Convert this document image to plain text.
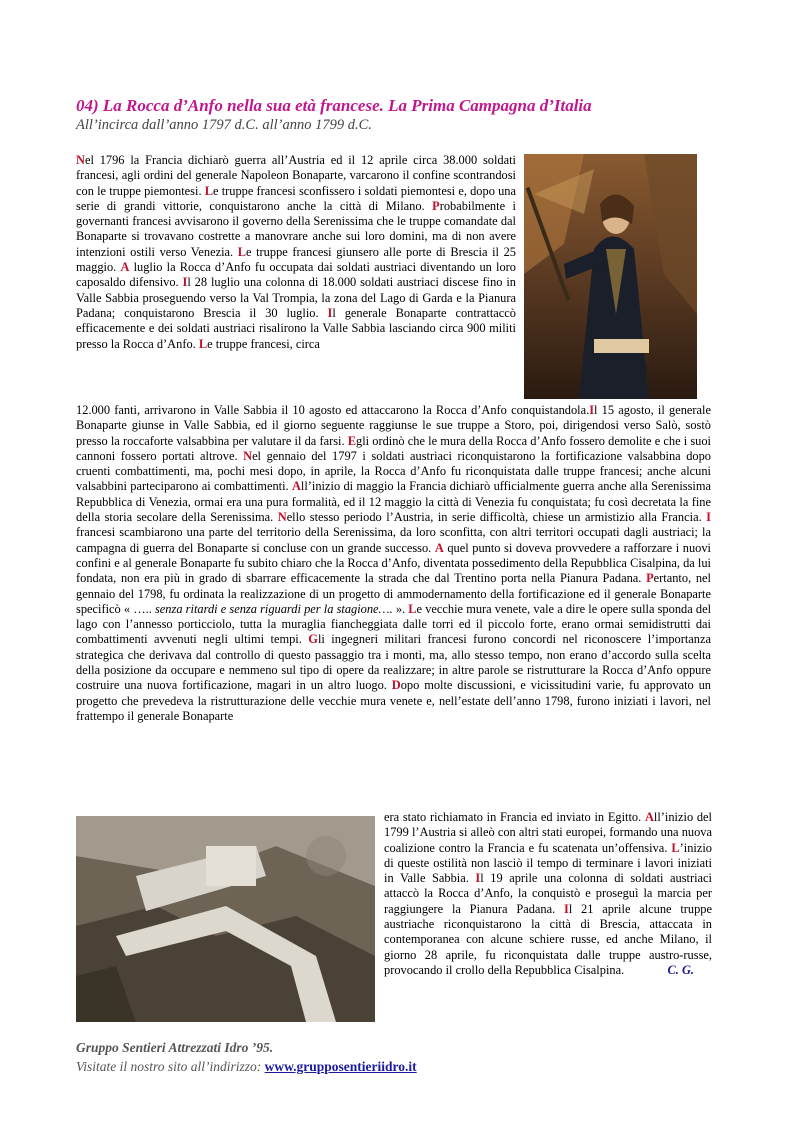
04) La Rocca d’Anfo nella sua età francese. La Prima Campagna d’Italia
All’incirca dall’anno 1797 d.C. all’anno 1799 d.C.

Nel 1796 la Francia dichiarò guerra all’Austria ed il 12 aprile circa 38.000 soldati francesi, agli ordini del generale Napoleon Bonaparte, varcarono il confine scontrandosi con le truppe piemontesi. Le truppe francesi sconfissero i soldati piemontesi e, dopo una serie di grandi vittorie, conquistarono anche la città di Milano. Probabilmente i governanti francesi avvisarono il governo della Serenissima che le truppe comandate dal Bonaparte si trovavano costrette a manovrare anche sui loro domini, ma di non avere intenzioni ostili verso Venezia. Le truppe francesi giunsero alle porte di Brescia il 25 maggio. A luglio la Rocca d’Anfo fu occupata dai soldati austriaci diventando un loro caposaldo difensivo. Il 28 luglio una colonna di 18.000 soldati austriaci discese fino in Valle Sabbia proseguendo verso la Val Trompia, la zona del Lago di Garda e la Pianura Padana; conquistarono Brescia il 30 luglio. Il generale Bonaparte contrattaccò efficacemente e dei soldati austriaci risalirono la Valle Sabbia lasciando circa 900 militi presso la Rocca d’Anfo. Le truppe francesi, circa

12.000 fanti, arrivarono in Valle Sabbia il 10 agosto ed attaccarono la Rocca d’Anfo conquistandola.Il 15 agosto, il generale Bonaparte giunse in Valle Sabbia, ed il giorno seguente raggiunse le sue truppe a Storo, poi, dirigendosi verso Salò, sostò presso la roccaforte valsabbina per valutare il da farsi. Egli ordinò che le mura della Rocca d’Anfo fossero demolite e che i suoi cannoni fossero portati altrove. Nel gennaio del 1797 i soldati austriaci riconquistarono la fortificazione valsabbina dopo cruenti combattimenti, ma, pochi mesi dopo, in aprile, la Rocca d’Anfo fu riconquistata dalle truppe francesi; anche alcuni valsabbini parteciparono ai combattimenti. All’inizio di maggio la Francia dichiarò ufficialmente guerra anche alla Serenissima Repubblica di Venezia, ormai era una pura formalità, ed il 12 maggio la città di Venezia fu conquistata; fu così decretata la fine della storia secolare della Serenissima. Nello stesso periodo l’Austria, in serie difficoltà, chiese un armistizio alla Francia. I francesi scambiarono una parte del territorio della Serenissima, da loro sconfitta, con altri territori occupati dagli austriaci; la campagna di guerra del Bonaparte si concluse con un grande successo. A quel punto si doveva provvedere a rafforzare i nuovi confini e al generale Bonaparte fu subito chiaro che la Rocca d’Anfo, diventata possedimento della Repubblica Cisalpina, da lui fondata, non era più in grado di sbarrare efficacemente la strada che dal Trentino porta nella Pianura Padana. Pertanto, nel gennaio del 1798, fu ordinata la realizzazione di un progetto di ammodernamento della fortificazione ed il generale Bonaparte specificò « ….. senza ritardi e senza riguardi per la stagione…. ». Le vecchie mura venete, vale a dire le opere sulla sponda del lago con l’annesso porticciolo, tutta la muraglia fiancheggiata dalle torri ed il piccolo forte, erano ormai semidistrutti dai combattimenti avvenuti negli ultimi tempi. Gli ingegneri militari francesi furono concordi nel riconoscere l’importanza strategica che derivava dal controllo di questo passaggio tra i monti, ma, allo stesso tempo, non erano d’accordo sulla scelta della posizione da occupare e nemmeno sul tipo di opere da realizzare; in altre parole se ristrutturare la Rocca d’Anfo oppure costruire una nuova fortificazione, magari in un altro luogo. Dopo molte discussioni, e vicissitudini varie, fu approvato un progetto che prevedeva la ristrutturazione delle vecchie mura venete e, nell’estate dell’anno 1798, furono iniziati i lavori, nel frattempo il generale Bonaparte

era stato richiamato in Francia ed inviato in Egitto. All’inizio del 1799 l’Austria si alleò con altri stati europei, formando una nuova coalizione contro la Francia e fu scatenata un’offensiva. L’inizio di queste ostilità non lasciò il tempo di terminare i lavori iniziati in Valle Sabbia. Il 19 aprile una colonna di soldati austriaci attaccò la Rocca d’Anfo, la conquistò e proseguì la marcia per raggiungere la Pianura Padana. Il 21 aprile alcune truppe austriache riconquistarono la città di Brescia, attaccata in contemporanea con alcune schiere russe, ed anche Milano, il giorno 28 aprile, fu riconquistata dalle truppe austro-russe, provocando il crollo della Repubblica Cisalpina.	C. G.

Gruppo Sentieri Attrezzati Idro ’95.
Visitate il nostro sito all’indirizzo: www.grupposentieriidro.it
